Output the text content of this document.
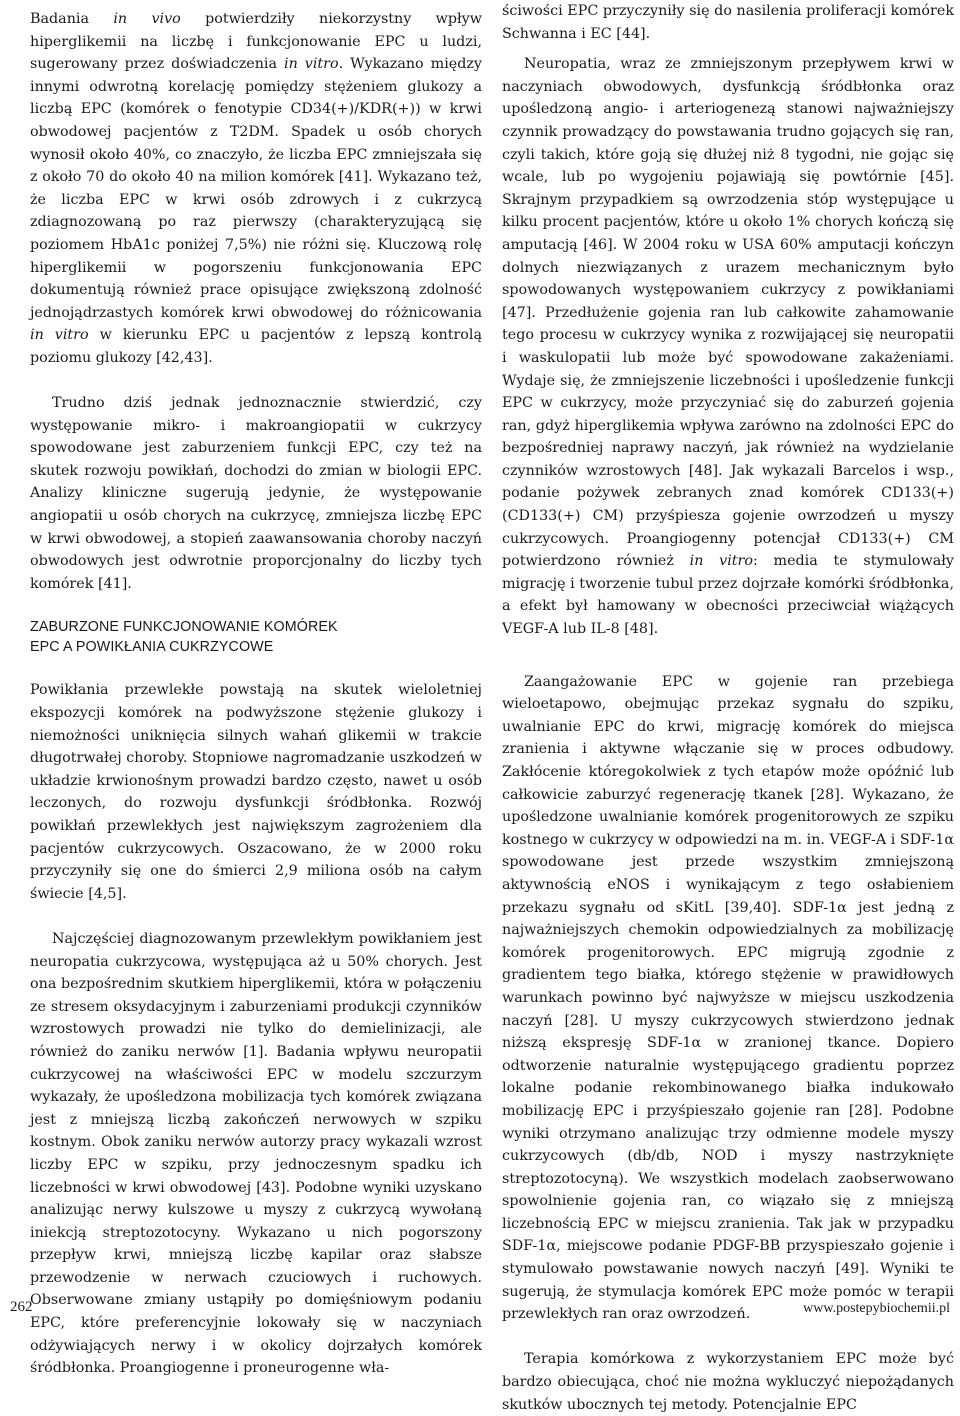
Badania in vivo potwierdziły niekorzystny wpływ hiperglikemii na liczbę i funkcjonowanie EPC u ludzi, sugerowany przez doświadczenia in vitro. Wykazano między innymi odwrotną korelację pomiędzy stężeniem glukozy a liczbą EPC (komórek o fenotypie CD34(+)/KDR(+)) w krwi obwodowej pacjentów z T2DM. Spadek u osób chorych wynosił około 40%, co znaczyło, że liczba EPC zmniejszała się z około 70 do około 40 na milion komórek [41]. Wykazano też, że liczba EPC w krwi osób zdrowych i z cukrzycą zdiagnozowaną po raz pierwszy (charakteryzującą się poziomem HbA1c poniżej 7,5%) nie różni się. Kluczową rolę hiperglikemii w pogorszeniu funkcjonowania EPC dokumentują również prace opisujące zwiększoną zdolność jednojądrzastych komórek krwi obwodowej do różnicowania in vitro w kierunku EPC u pacjentów z lepszą kontrolą poziomu glukozy [42,43].

Trudno dziś jednak jednoznacznie stwierdzić, czy występowanie mikro- i makroangiopatii w cukrzycy spowodowane jest zaburzeniem funkcji EPC, czy też na skutek rozwoju powikłań, dochodzi do zmian w biologii EPC. Analizy kliniczne sugerują jedynie, że występowanie angiopatii u osób chorych na cukrzycę, zmniejsza liczbę EPC w krwi obwodowej, a stopień zaawansowania choroby naczyń obwodowych jest odwrotnie proporcjonalny do liczby tych komórek [41].

ZABURZONE FUNKCJONOWANIE KOMÓREK
EPC A POWIKŁANIA CUKRZYCOWE

Powikłania przewlekłe powstają na skutek wieloletniej ekspozycji komórek na podwyższone stężenie glukozy i niemożności uniknięcia silnych wahań glikemii w trakcie długotrwałej choroby. Stopniowe nagromadzanie uszkodzeń w układzie krwionośnym prowadzi bardzo często, nawet u osób leczonych, do rozwoju dysfunkcji śródbłonka. Rozwój powikłań przewlekłych jest największym zagrożeniem dla pacjentów cukrzycowych. Oszacowano, że w 2000 roku przyczyniły się one do śmierci 2,9 miliona osób na całym świecie [4,5].

Najczęściej diagnozowanym przewlekłym powikłaniem jest neuropatia cukrzycowa, występująca aż u 50% chorych. Jest ona bezpośrednim skutkiem hiperglikemii, która w połączeniu ze stresem oksydacyjnym i zaburzeniami produkcji czynników wzrostowych prowadzi nie tylko do demielinizacji, ale również do zaniku nerwów [1]. Badania wpływu neuropatii cukrzycowej na właściwości EPC w modelu szczurzym wykazały, że upośledzona mobilizacja tych komórek związana jest z mniejszą liczbą zakończeń nerwowych w szpiku kostnym. Obok zaniku nerwów autorzy pracy wykazali wzrost liczby EPC w szpiku, przy jednoczesnym spadku ich liczebności w krwi obwodowej [43]. Podobne wyniki uzyskano analizując nerwy kulszowe u myszy z cukrzycą wywołaną iniekcją streptozotocyny. Wykazano u nich pogorszony przepływ krwi, mniejszą liczbę kapilar oraz słabsze przewodzenie w nerwach czuciowych i ruchowych. Obserwowane zmiany ustąpiły po domięśniowym podaniu EPC, które preferencyjnie lokowały się w naczyniach odżywiających nerwy i w okolicy dojrzałych komórek śródbłonka. Proangiogenne i proneurogenne wła-

ściwości EPC przyczyniły się do nasilenia proliferacji komórek Schwanna i EC [44].

Neuropatia, wraz ze zmniejszonym przepływem krwi w naczyniach obwodowych, dysfunkcją śródbłonka oraz upośledzoną angio- i arteriogenezą stanowi najważniejszy czynnik prowadzący do powstawania trudno gojących się ran, czyli takich, które goją się dłużej niż 8 tygodni, nie gojąc się wcale, lub po wygojeniu pojawiają się powtórnie [45]. Skrajnym przypadkiem są owrzodzenia stóp występujące u kilku procent pacjentów, które u około 1% chorych kończą się amputacją [46]. W 2004 roku w USA 60% amputacji kończyn dolnych niezwiązanych z urazem mechanicznym było spowodowanych występowaniem cukrzycy z powikłaniami [47]. Przedłużenie gojenia ran lub całkowite zahamowanie tego procesu w cukrzycy wynika z rozwijającej się neuropatii i waskulopatii lub może być spowodowane zakażeniami. Wydaje się, że zmniejszenie liczebności i upośledzenie funkcji EPC w cukrzycy, może przyczyniać się do zaburzeń gojenia ran, gdyż hiperglikemia wpływa zarówno na zdolności EPC do bezpośredniej naprawy naczyń, jak również na wydzielanie czynników wzrostowych [48]. Jak wykazali Barcelos i wsp., podanie pożywek zebranych znad komórek CD133(+) (CD133(+) CM) przyśpiesza gojenie owrzodzeń u myszy cukrzycowych. Proangiogenny potencjał CD133(+) CM potwierdzono również in vitro: media te stymulowały migrację i tworzenie tubul przez dojrzałe komórki śródbłonka, a efekt był hamowany w obecności przeciwciał wiążących VEGF-A lub IL-8 [48].

Zaangażowanie EPC w gojenie ran przebiega wieloetapowo, obejmując przekaz sygnału do szpiku, uwalnianie EPC do krwi, migrację komórek do miejsca zranienia i aktywne włączanie się w proces odbudowy. Zakłócenie któregokolwiek z tych etapów może opóźnić lub całkowicie zaburzyć regenerację tkanek [28]. Wykazano, że upośledzone uwalnianie komórek progenitorowych ze szpiku kostnego w cukrzycy w odpowiedzi na m. in. VEGF-A i SDF-1α spowodowane jest przede wszystkim zmniejszoną aktywnością eNOS i wynikającym z tego osłabieniem przekazu sygnału od sKitL [39,40]. SDF-1α jest jedną z najważniejszych chemokin odpowiedzialnych za mobilizację komórek progenitorowych. EPC migrują zgodnie z gradientem tego białka, którego stężenie w prawidłowych warunkach powinno być najwyższe w miejscu uszkodzenia naczyń [28]. U myszy cukrzycowych stwierdzono jednak niższą ekspresję SDF-1α w zranionej tkance. Dopiero odtworzenie naturalnie występującego gradientu poprzez lokalne podanie rekombinowanego białka indukowało mobilizację EPC i przyśpieszało gojenie ran [28]. Podobne wyniki otrzymano analizując trzy odmienne modele myszy cukrzycowych (db/db, NOD i myszy nastrzyknięte streptozotocyną). We wszystkich modelach zaobserwowano spowolnienie gojenia ran, co wiązało się z mniejszą liczebnością EPC w miejscu zranienia. Tak jak w przypadku SDF-1α, miejscowe podanie PDGF-BB przyspieszało gojenie i stymulowało powstawanie nowych naczyń [49]. Wyniki te sugerują, że stymulacja komórek EPC może pomóc w terapii przewlekłych ran oraz owrzodzeń.

Terapia komórkowa z wykorzystaniem EPC może być bardzo obiecująca, choć nie można wykluczyć niepożądanych skutków ubocznych tej metody. Potencjalnie EPC

262	www.postepybiochemii.pl
